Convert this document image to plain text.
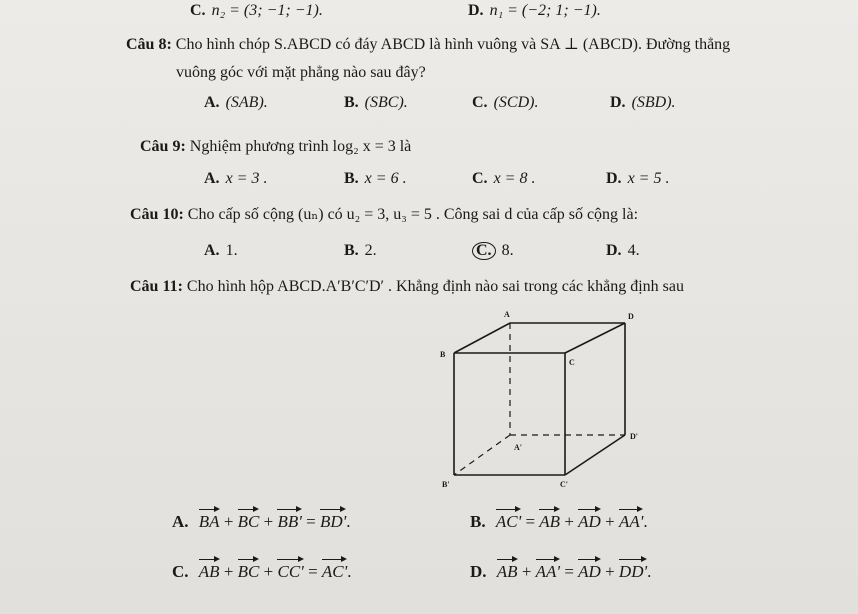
C. n₂ = (3; −1; −1).	D. n₁ = (−2; 1; −1).
Câu 8: Cho hình chóp S.ABCD có đáy ABCD là hình vuông và SA ⊥ (ABCD). Đường thẳng
vuông góc với mặt phẳng nào sau đây?
A. (SAB).	B. (SBC).	C. (SCD).	D. (SBD).
Câu 9: Nghiệm phương trình log₂ x = 3 là
A. x = 3 .	B. x = 6 .	C. x = 8 .	D. x = 5 .
Câu 10: Cho cấp số cộng (uₙ) có u₂ = 3, u₃ = 5 . Công sai d của cấp số cộng là:
A. 1.	B. 2.	C. 8.	D. 4.
Câu 11: Cho hình hộp ABCD.A′B′C′D′ . Khẳng định nào sai trong các khẳng định sau
A
B
C
D
A'
B'	C'
D'
A. BA + BC + BB' = BD'.	B. AC' = AB + AD + AA'.
C. AB + BC + CC' = AC'.	D. AB + AA' = AD + DD'.
